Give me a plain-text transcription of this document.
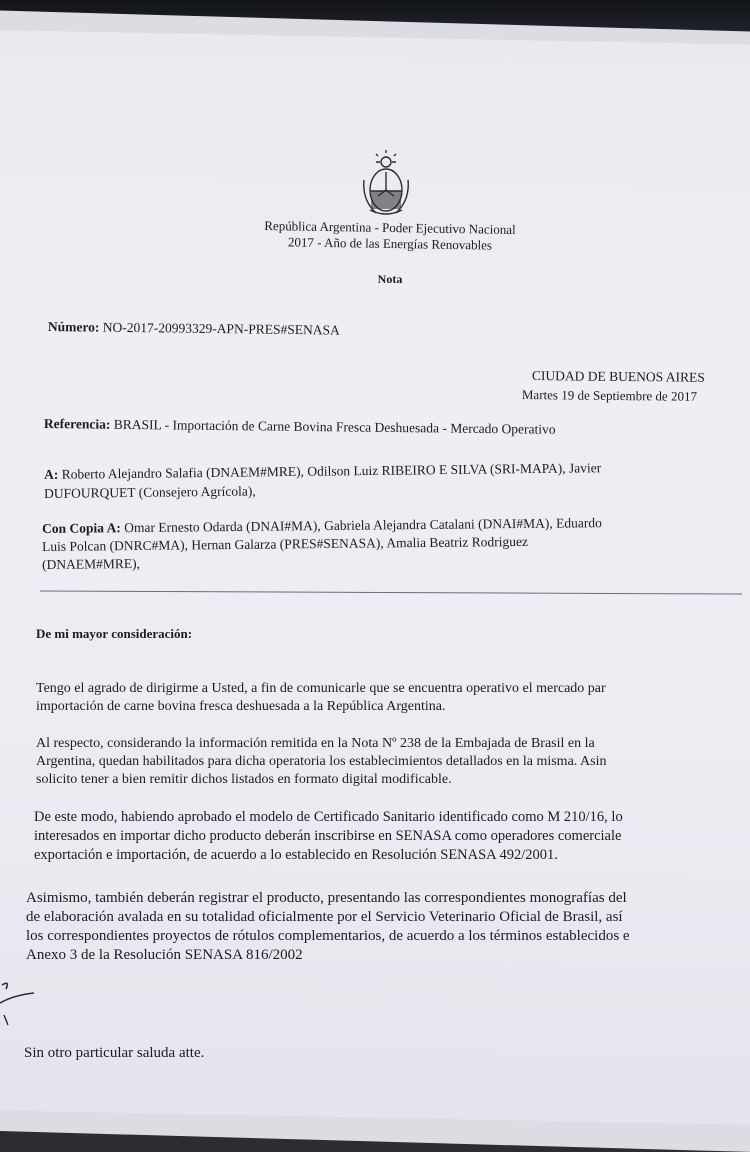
República Argentina - Poder Ejecutivo Nacional
2017 - Año de las Energías Renovables
Nota
Número: NO-2017-20993329-APN-PRES#SENASA
CIUDAD DE BUENOS AIRES
Martes 19 de Septiembre de 2017
Referencia: BRASIL - Importación de Carne Bovina Fresca Deshuesada - Mercado Operativo
A: Roberto Alejandro Salafia (DNAEM#MRE), Odilson Luiz RIBEIRO E SILVA (SRI-MAPA), Javier
DUFOURQUET (Consejero Agrícola),
Con Copia A: Omar Ernesto Odarda (DNAI#MA), Gabriela Alejandra Catalani (DNAI#MA), Eduardo
Luis Polcan (DNRC#MA), Hernan Galarza (PRES#SENASA), Amalia Beatriz Rodriguez
(DNAEM#MRE),
De mi mayor consideración:
Tengo el agrado de dirigirme a Usted, a fin de comunicarle que se encuentra operativo el mercado par
importación de carne bovina fresca deshuesada a la República Argentina.
Al respecto, considerando la información remitida en la Nota Nº 238 de la Embajada de Brasil en la
Argentina, quedan habilitados para dicha operatoria los establecimientos detallados en la misma. Asin
solicito tener a bien remitir dichos listados en formato digital modificable.
De este modo, habiendo aprobado el modelo de Certificado Sanitario identificado como M 210/16, lo
interesados en importar dicho producto deberán inscribirse en SENASA como operadores comerciale
exportación e importación, de acuerdo a lo establecido en Resolución SENASA 492/2001.
Asimismo, también deberán registrar el producto, presentando las correspondientes monografías del
de elaboración avalada en su totalidad oficialmente por el Servicio Veterinario Oficial de Brasil, así
los correspondientes proyectos de rótulos complementarios, de acuerdo a los términos establecidos e
Anexo 3 de la Resolución SENASA 816/2002
Sin otro particular saluda atte.
